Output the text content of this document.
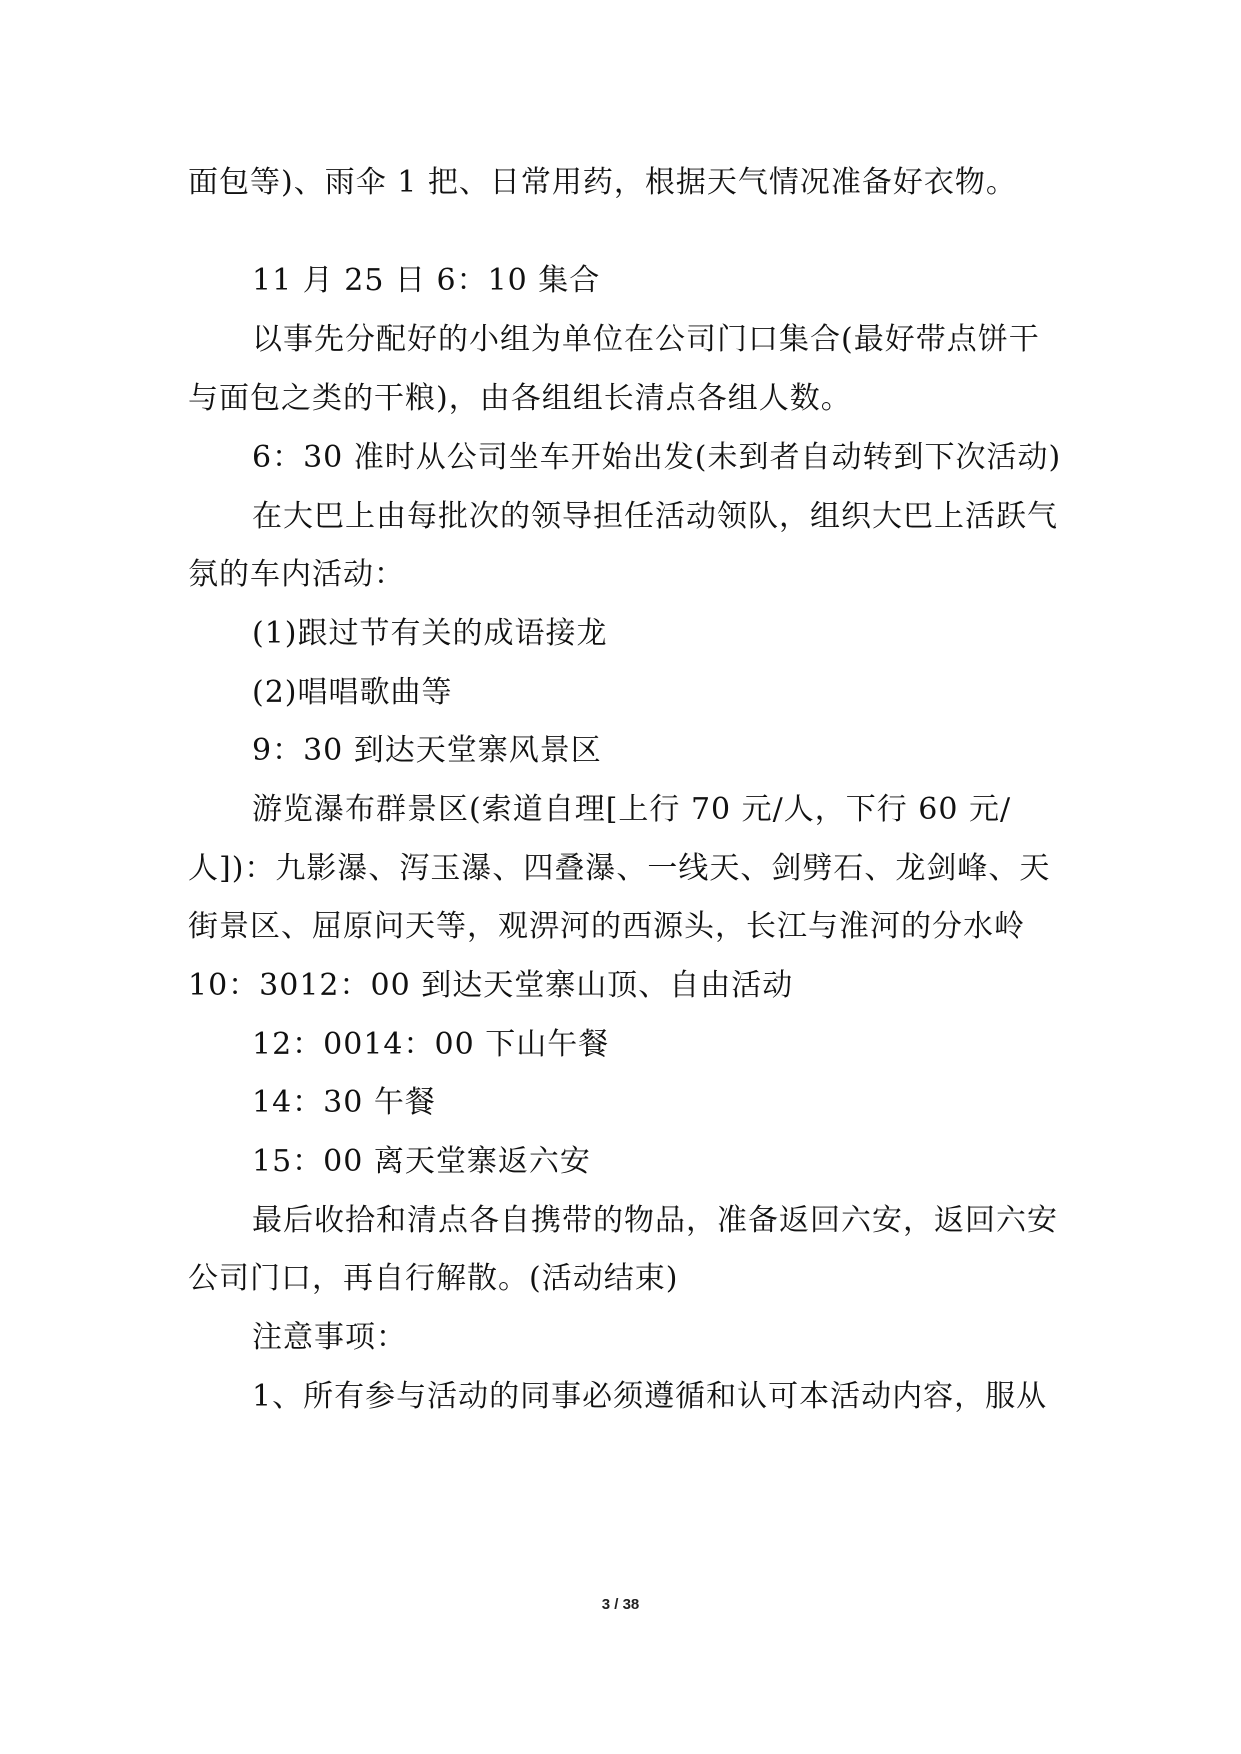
面包等)、雨伞 1 把、日常用药，根据天气情况准备好衣物。
11 月 25 日 6：10 集合
以事先分配好的小组为单位在公司门口集合(最好带点饼干
与面包之类的干粮)，由各组组长清点各组人数。
6：30 准时从公司坐车开始出发(未到者自动转到下次活动)
在大巴上由每批次的领导担任活动领队，组织大巴上活跃气
氛的车内活动：
(1)跟过节有关的成语接龙
(2)唱唱歌曲等
9：30 到达天堂寨风景区
游览瀑布群景区(索道自理[上行 70 元/人，下行 60 元/
人])：九影瀑、泻玉瀑、四叠瀑、一线天、剑劈石、龙剑峰、天
街景区、屈原问天等，观淠河的西源头，长江与淮河的分水岭
10：3012：00 到达天堂寨山顶、自由活动
12：0014：00 下山午餐
14：30 午餐
15：00 离天堂寨返六安
最后收拾和清点各自携带的物品，准备返回六安，返回六安
公司门口，再自行解散。(活动结束)
注意事项：
1、所有参与活动的同事必须遵循和认可本活动内容，服从
3 / 38
